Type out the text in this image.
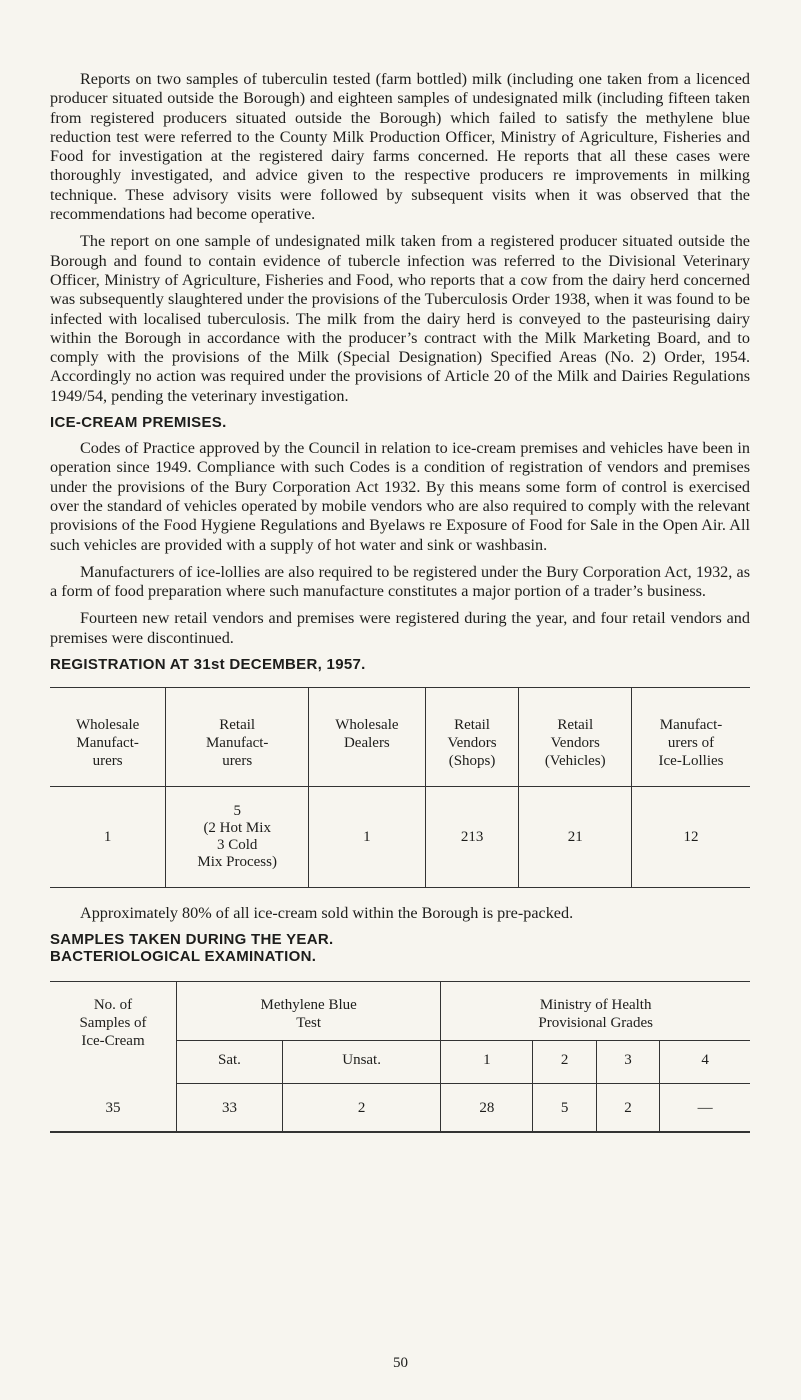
Reports on two samples of tuberculin tested (farm bottled) milk (including one taken from a licenced producer situated outside the Borough) and eighteen samples of undesignated milk (including fifteen taken from registered producers situated outside the Borough) which failed to satisfy the methylene blue reduction test were referred to the County Milk Production Officer, Ministry of Agriculture, Fisheries and Food for investigation at the registered dairy farms concerned. He reports that all these cases were thoroughly investigated, and advice given to the respective producers re improvements in milking technique. These advisory visits were followed by subsequent visits when it was observed that the recommendations had become operative.

The report on one sample of undesignated milk taken from a registered producer situated outside the Borough and found to contain evidence of tubercle infection was referred to the Divisional Veterinary Officer, Ministry of Agriculture, Fisheries and Food, who reports that a cow from the dairy herd concerned was subsequently slaughtered under the provisions of the Tuberculosis Order 1938, when it was found to be infected with localised tuberculosis. The milk from the dairy herd is conveyed to the pasteurising dairy within the Borough in accordance with the producer’s contract with the Milk Marketing Board, and to comply with the provisions of the Milk (Special Designation) Specified Areas (No. 2) Order, 1954. Accordingly no action was required under the provisions of Article 20 of the Milk and Dairies Regulations 1949/54, pending the veterinary investigation.

ICE-CREAM PREMISES.

Codes of Practice approved by the Council in relation to ice-cream premises and vehicles have been in operation since 1949. Compliance with such Codes is a condition of registration of vendors and premises under the provisions of the Bury Corporation Act 1932. By this means some form of control is exercised over the standard of vehicles operated by mobile vendors who are also required to comply with the relevant provisions of the Food Hygiene Regulations and Byelaws re Exposure of Food for Sale in the Open Air. All such vehicles are provided with a supply of hot water and sink or washbasin.

Manufacturers of ice-lollies are also required to be registered under the Bury Corporation Act, 1932, as a form of food preparation where such manufacture constitutes a major portion of a trader’s business.

Fourteen new retail vendors and premises were registered during the year, and four retail vendors and premises were discontinued.

REGISTRATION AT 31st DECEMBER, 1957.
Wholesale
Manufact-
urers	Retail
Manufact-
urers	Wholesale
Dealers	Retail
Vendors
(Shops)	Retail
Vendors
(Vehicles)	Manufact-
urers of
Ice-Lollies
1	5
(2 Hot Mix
3 Cold
Mix Process)	1	213	21	12

Approximately 80% of all ice-cream sold within the Borough is pre-packed.

SAMPLES TAKEN DURING THE YEAR.
BACTERIOLOGICAL EXAMINATION.
No. of
Samples of
Ice-Cream	Methylene Blue
Test		Ministry of Health
Provisional Grades			
	Sat.	Unsat.	1	2	3	4
35	33	2	28	5	2	—
50
